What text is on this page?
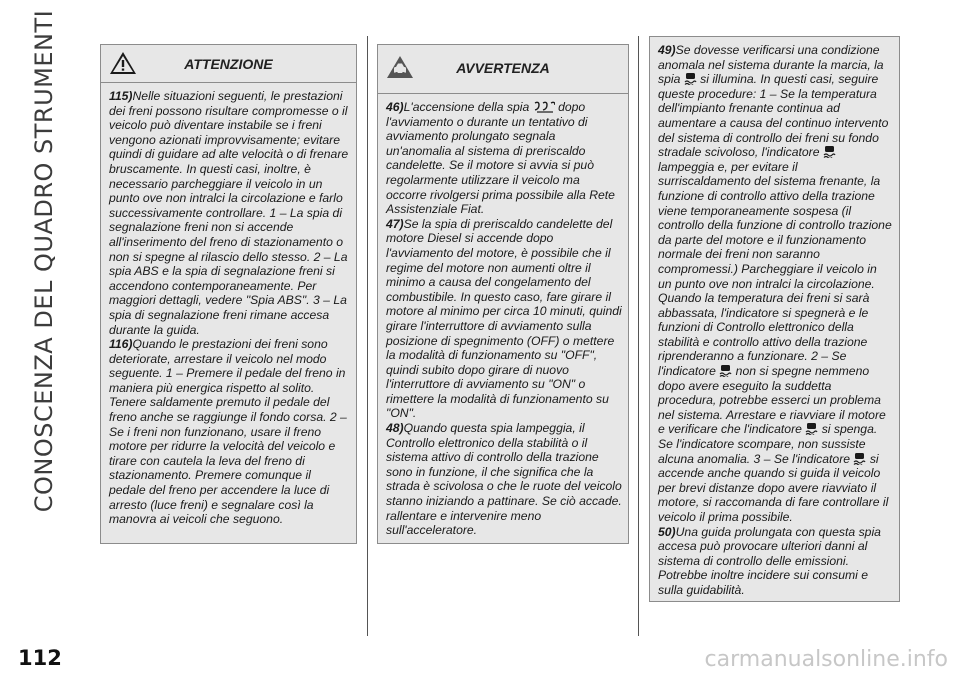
CONOSCENZA DEL QUADRO STRUMENTI	ATTENZIONE

115)Nelle situazioni seguenti, le prestazioni dei freni possono risultare compromesse o il veicolo può diventare instabile se i freni vengono azionati improvvisamente; evitare quindi di guidare ad alte velocità o di frenare bruscamente. In questi casi, inoltre, è necessario parcheggiare il veicolo in un punto ove non intralci la circolazione e farlo successivamente controllare. 1 – La spia di segnalazione freni non si accende all'inserimento del freno di stazionamento o non si spegne al rilascio dello stesso. 2 – La spia ABS e la spia di segnalazione freni si accendono contemporaneamente. Per maggiori dettagli, vedere "Spia ABS". 3 – La spia di segnalazione freni rimane accesa durante la guida.

116)Quando le prestazioni dei freni sono deteriorate, arrestare il veicolo nel modo seguente. 1 – Premere il pedale del freno in maniera più energica rispetto al solito. Tenere saldamente premuto il pedale del freno anche se raggiunge il fondo corsa. 2 – Se i freni non funzionano, usare il freno motore per ridurre la velocità del veicolo e tirare con cautela la leva del freno di stazionamento. Premere comunque il pedale del freno per accendere la luce di arresto (luce freni) e segnalare così la manovra ai veicoli che seguono.

AVVERTENZA

46)L'accensione della spia dopo l'avviamento o durante un tentativo di avviamento prolungato segnala un'anomalia al sistema di preriscaldo candelette. Se il motore si avvia si può regolarmente utilizzare il veicolo ma occorre rivolgersi prima possibile alla Rete Assistenziale Fiat.

47)Se la spia di preriscaldo candelette del motore Diesel si accende dopo l'avviamento del motore, è possibile che il regime del motore non aumenti oltre il minimo a causa del congelamento del combustibile. In questo caso, fare girare il motore al minimo per circa 10 minuti, quindi girare l'interruttore di avviamento sulla posizione di spegnimento (OFF) o mettere la modalità di funzionamento su "OFF", quindi subito dopo girare di nuovo l'interruttore di avviamento su "ON" o rimettere la modalità di funzionamento su "ON".

48)Quando questa spia lampeggia, il Controllo elettronico della stabilità o il sistema attivo di controllo della trazione sono in funzione, il che significa che la strada è scivolosa o che le ruote del veicolo stanno iniziando a pattinare. Se ciò accade. rallentare e intervenire meno sull'acceleratore.

49)Se dovesse verificarsi una condizione anomala nel sistema durante la marcia, la spia si illumina. In questi casi, seguire queste procedure: 1 – Se la temperatura dell'impianto frenante continua ad aumentare a causa del continuo intervento del sistema di controllo dei freni su fondo stradale scivoloso, l'indicatore  lampeggia e, per evitare il surriscaldamento del sistema frenante, la funzione di controllo attivo della trazione viene temporaneamente sospesa (il controllo della funzione di controllo trazione da parte del motore e il funzionamento normale dei freni non saranno compromessi.) Parcheggiare il veicolo in un punto ove non intralci la circolazione. Quando la temperatura dei freni si sarà abbassata, l'indicatore si spegnerà e le funzioni di Controllo elettronico della stabilità e controllo attivo della trazione riprenderanno a funzionare. 2 – Se l'indicatore non si spegne nemmeno dopo avere eseguito la suddetta procedura, potrebbe esserci un problema nel sistema. Arrestare e riavviare il motore e verificare che l'indicatore si spenga. Se l'indicatore scompare, non sussiste alcuna anomalia. 3 – Se l'indicatore si accende anche quando si guida il veicolo per brevi distanze dopo avere riavviato il motore, si raccomanda di fare controllare il veicolo il prima possibile.

50)Una guida prolungata con questa spia accesa può provocare ulteriori danni al sistema di controllo delle emissioni. Potrebbe inoltre incidere sui consumi e sulla guidabilità.

112	carmanualsonline.info
